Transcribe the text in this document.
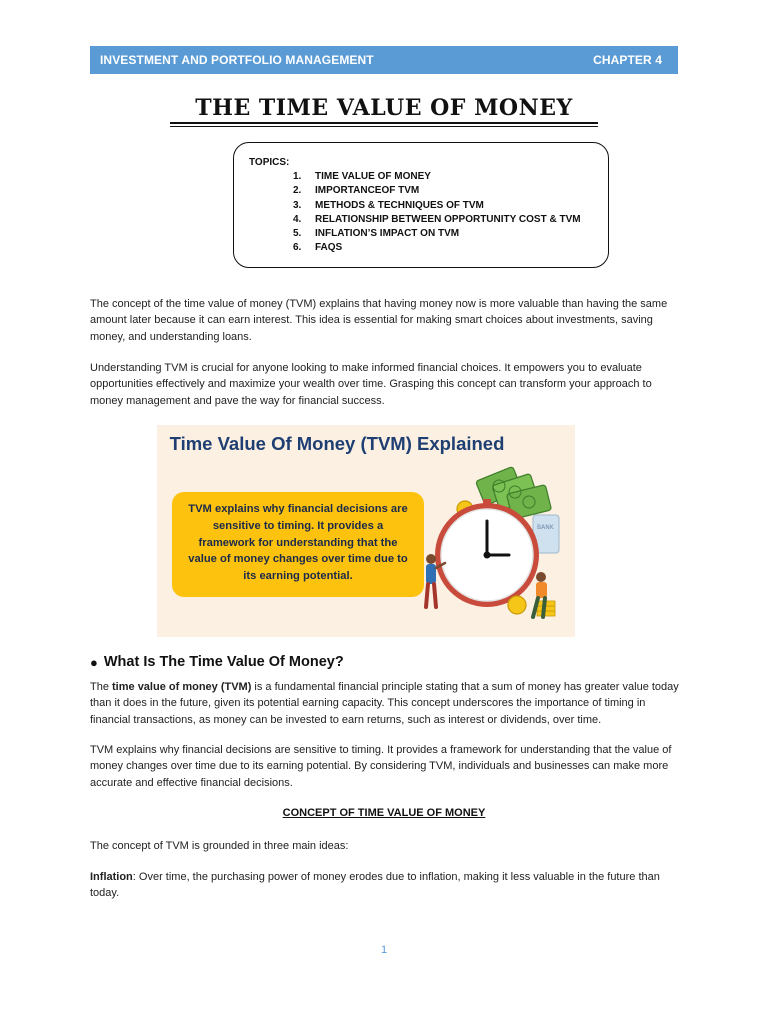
INVESTMENT AND PORTFOLIO MANAGEMENT	CHAPTER 4
THE TIME VALUE OF MONEY
TOPICS:
1.	TIME VALUE OF MONEY
2.	IMPORTANCEOF TVM
3.	METHODS & TECHNIQUES OF TVM
4.	RELATIONSHIP BETWEEN OPPORTUNITY COST & TVM
5.	INFLATION’S IMPACT ON TVM
6.	FAQS

The concept of the time value of money (TVM) explains that having money now is more valuable than having the same amount later because it can earn interest. This idea is essential for making smart choices about investments, saving money, and understanding loans.

Understanding TVM is crucial for anyone looking to make informed financial choices. It empowers you to evaluate opportunities effectively and maximize your wealth over time. Grasping this concept can transform your approach to money management and pave the way for financial success.

Time Value Of Money (TVM) Explained
TVM explains why financial decisions are sensitive to timing. It provides a framework for understanding that the value of money changes over time due to its earning potential.
BANK
● What Is The Time Value Of Money?

The time value of money (TVM) is a fundamental financial principle stating that a sum of money has greater value today than it does in the future, given its potential earning capacity. This concept underscores the importance of timing in financial transactions, as money can be invested to earn returns, such as interest or dividends, over time.

TVM explains why financial decisions are sensitive to timing. It provides a framework for understanding that the value of money changes over time due to its earning potential. By considering TVM, individuals and businesses can make more accurate and effective financial decisions.

CONCEPT OF TIME VALUE OF MONEY

The concept of TVM is grounded in three main ideas:

Inflation: Over time, the purchasing power of money erodes due to inflation, making it less valuable in the future than today.

1
